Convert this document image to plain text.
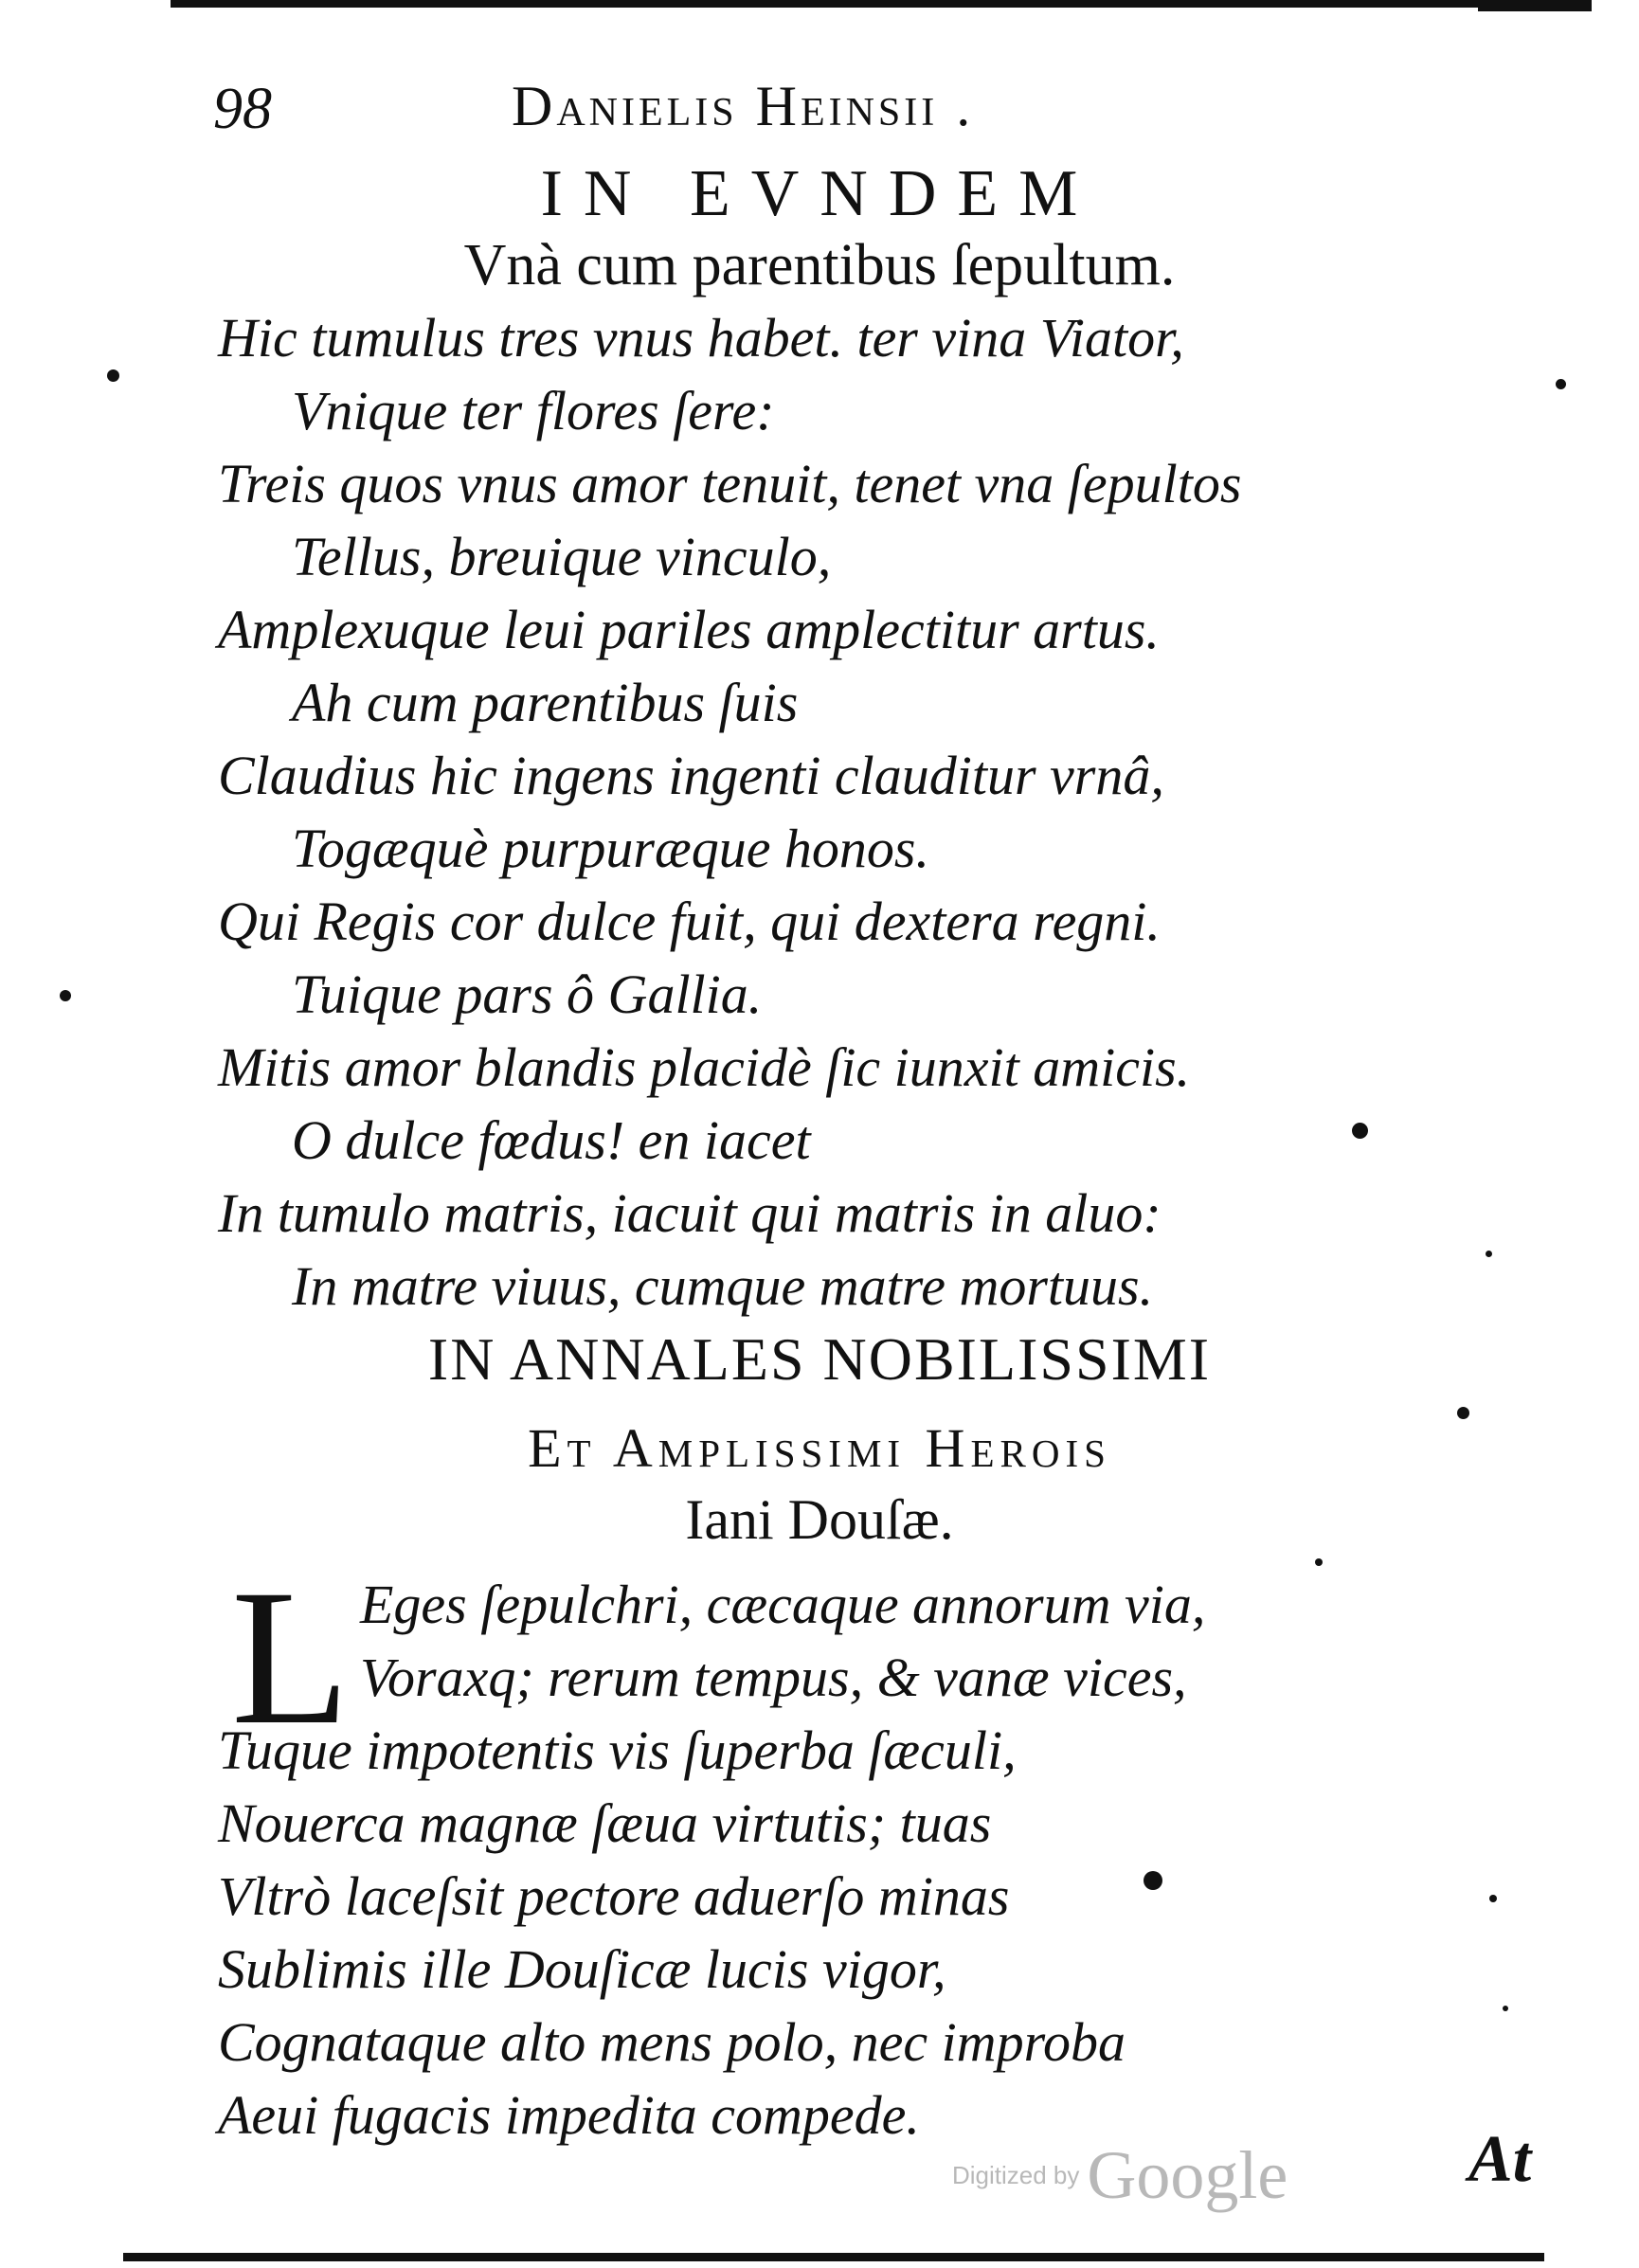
98	Danielis Heinsii .
IN EVNDEM
Vnà cum parentibus ſepultum.
Hic tumulus tres vnus habet. ter vina Viator,
Vnique ter flores ſere:
Treis quos vnus amor tenuit, tenet vna ſepultos
Tellus, breuique vinculo,
Amplexuque leui pariles amplectitur artus.
Ah cum parentibus ſuis
Claudius hic ingens ingenti clauditur vrnâ,
Togæquè purpuræque honos.
Qui Regis cor dulce fuit, qui dextera regni.
Tuique pars ô Gallia.
Mitis amor blandis placidè ſic iunxit amicis.
O dulce fœdus! en iacet
In tumulo matris, iacuit qui matris in aluo:
In matre viuus, cumque matre mortuus.
IN ANNALES NOBILISSIMI
Et Amplissimi Herois
Iani Douſæ.
L Eges ſepulchri, cæcaque annorum via,
Voraxq; rerum tempus, & vanæ vices,
Tuque impotentis vis ſuperba ſæculi,
Nouerca magnæ ſæua virtutis; tuas
Vltrò laceſsit pectore aduerſo minas
Sublimis ille Douſicæ lucis vigor,
Cognataque alto mens polo, nec improba
Aeui fugacis impedita compede.
At
Digitized by Google
